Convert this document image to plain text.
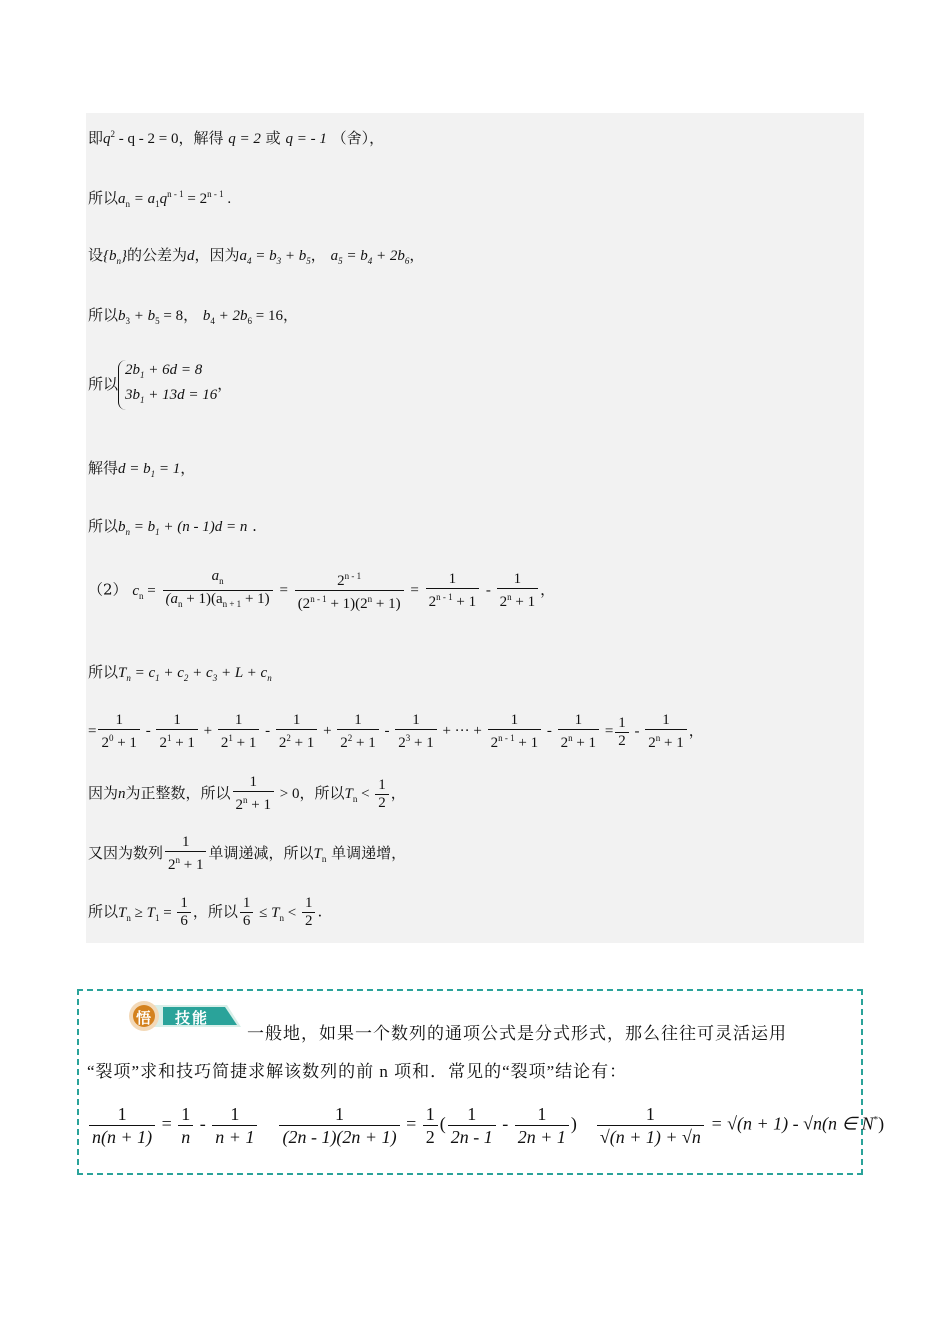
即$q^2 - q - 2 = 0$，解得 q = 2 或 q = - 1 （舍），
所以$a_n = a_1q^{n - 1} = 2^{n - 1}$ .
设$\{b_n\}$的公差为d，因为$a_4 = b_3 + b_5$， $a_5 = b_4 + 2b_6$，
所以$b_3 + b_5 = 8$， $b_4 + 2b_6 = 16$，
所以
$2b_1 + 6d = 8$
$3b_1 + 13d = 16$
，
解得$d = b_1 = 1$，
所以$b_n = b_1 + (n - 1)d = n$ .
（2） $c_n = \frac{a_n}{(a_n + 1)(a_{n + 1} + 1)} = \frac{2^{n - 1}}{(2^{n - 1} + 1)(2^n + 1)} = \frac{1}{2^{n - 1} + 1} - \frac{1}{2^n + 1}$ ，
所以$T_n = c_1 + c_2 + c_3 + L + c_n$
= $\frac{1}{2^0 + 1} - \frac{1}{2^1 + 1} + \frac{1}{2^1 + 1} - \frac{1}{2^2 + 1} + \frac{1}{2^2 + 1} - \frac{1}{2^3 + 1}$ + ··· + $\frac{1}{2^{n - 1} + 1} - \frac{1}{2^n + 1} = \frac{1}{2} - \frac{1}{2^n + 1}$ ，
因为n为正整数，所以 $\frac{1}{2^n + 1} > 0$，所以$T_n < \frac{1}{2}$ ，
又因为数列 $\frac{1}{2^n + 1}$ 单调递减，所以$T_n$ 单调递增，
所以$T_n \ge T_1 = \frac{1}{6}$ ，所以 $\frac{1}{6} \le T_n < \frac{1}{2}$ .
悟 技能
一般地，如果一个数列的通项公式是分式形式，那么往往可灵活运用
“裂项”求和技巧简捷求解该数列的前 n 项和．常见的“裂项”结论有：
$\frac{1}{n(n + 1)} = \frac{1}{n} - \frac{1}{n + 1}$
$\frac{1}{(2n - 1)(2n + 1)} = \frac{1}{2}$ ( $\frac{1}{2n - 1} - \frac{1}{2n + 1}$ ) $\frac{1}{√(n + 1) + √n} = √(n + 1) - √n(n$ ∈ N*)
